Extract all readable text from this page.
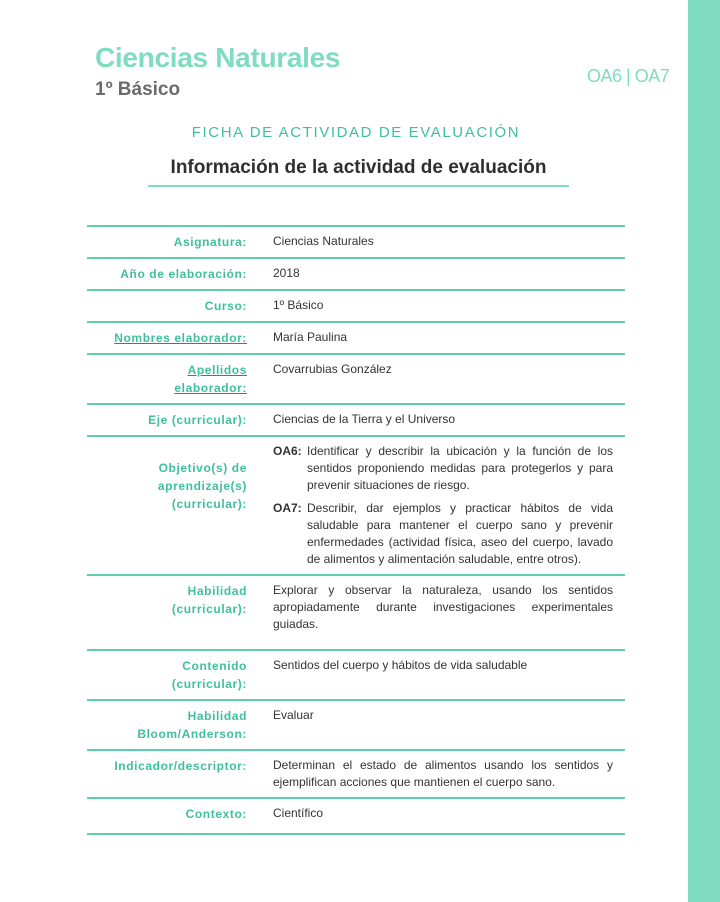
Ciencias Naturales
1º Básico
OA6 | OA7
FICHA DE ACTIVIDAD DE EVALUACIÓN
Información de la actividad de evaluación
Asignatura:	Ciencias Naturales
Año de elaboración:	2018
Curso:	1º Básico
Nombres elaborador:	María Paulina
Apellidos elaborador:	Covarrubias González
Eje (curricular):	Ciencias de la Tierra y el Universo
Objetivo(s) de aprendizaje(s) (curricular):	OA6: Identificar y describir la ubicación y la función de los sentidos proponiendo medidas para protegerlos y para prevenir situaciones de riesgo.
OA7: Describir, dar ejemplos y practicar hábitos de vida saludable para mantener el cuerpo sano y prevenir enfermedades (actividad física, aseo del cuerpo, lavado de alimentos y alimentación saludable, entre otros).

Habilidad (curricular):	Explorar y observar la naturaleza, usando los sentidos apropiadamente durante investigaciones experimentales guiadas.
Contenido (curricular):	Sentidos del cuerpo y hábitos de vida saludable
Habilidad Bloom/Anderson:	Evaluar
Indicador/descriptor:	Determinan el estado de alimentos usando los sentidos y ejemplifican acciones que mantienen el cuerpo sano.
Contexto:	Científico
